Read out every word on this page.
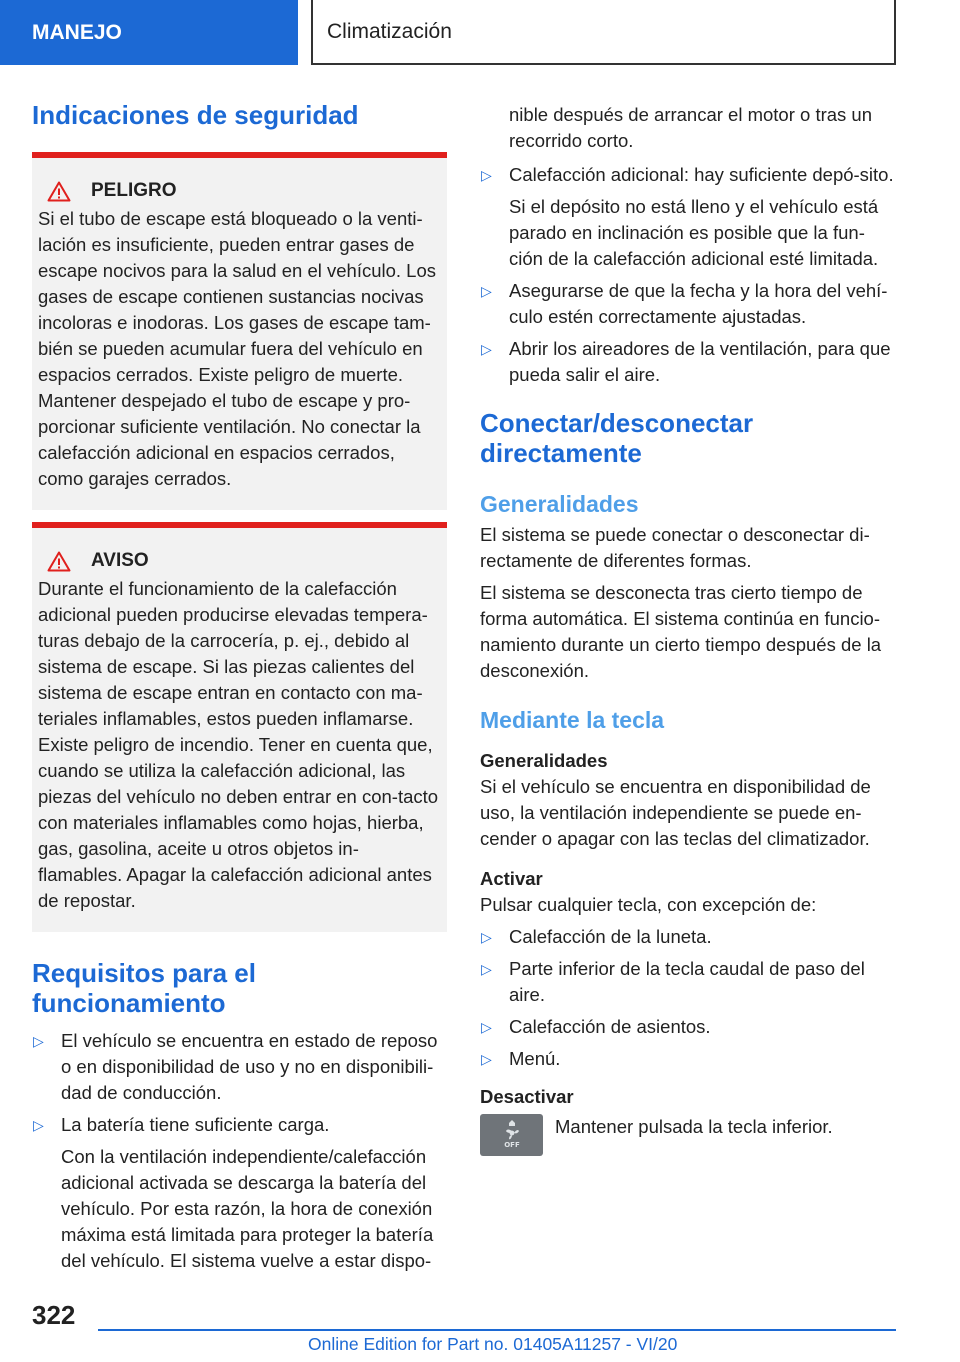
MANEJO	Climatización
Indicaciones de seguridad
PELIGRO

Si el tubo de escape está bloqueado o la venti-lación es insuficiente, pueden entrar gases de escape nocivos para la salud en el vehículo. Los gases de escape contienen sustancias nocivas incoloras e inodoras. Los gases de escape tam-bién se pueden acumular fuera del vehículo en espacios cerrados. Existe peligro de muerte. Mantener despejado el tubo de escape y pro-porcionar suficiente ventilación. No conectar la calefacción adicional en espacios cerrados, como garajes cerrados.

AVISO

Durante el funcionamiento de la calefacción adicional pueden producirse elevadas tempera-turas debajo de la carrocería, p. ej., debido al sistema de escape. Si las piezas calientes del sistema de escape entran en contacto con ma-teriales inflamables, estos pueden inflamarse. Existe peligro de incendio. Tener en cuenta que, cuando se utiliza la calefacción adicional, las piezas del vehículo no deben entrar en con-tacto con materiales inflamables como hojas, hierba, gas, gasolina, aceite u otros objetos in-flamables. Apagar la calefacción adicional antes de repostar.

Requisitos para el funcionamiento
▷ El vehículo se encuentra en estado de reposo o en disponibilidad de uso y no en disponibili-dad de conducción.
▷ La batería tiene suficiente carga.
Con la ventilación independiente/calefacción adicional activada se descarga la batería del vehículo. Por esta razón, la hora de conexión máxima está limitada para proteger la batería del vehículo. El sistema vuelve a estar dispo-

nible después de arrancar el motor o tras un recorrido corto.

▷ Calefacción adicional: hay suficiente depó-sito.
Si el depósito no está lleno y el vehículo está parado en inclinación es posible que la fun-ción de la calefacción adicional esté limitada.
▷ Asegurarse de que la fecha y la hora del vehí-culo estén correctamente ajustadas.
▷ Abrir los aireadores de la ventilación, para que pueda salir el aire.
Conectar/desconectar directamente
Generalidades

El sistema se puede conectar o desconectar di-rectamente de diferentes formas.

El sistema se desconecta tras cierto tiempo de forma automática. El sistema continúa en funcio-namiento durante un cierto tiempo después de la desconexión.

Mediante la tecla
Generalidades

Si el vehículo se encuentra en disponibilidad de uso, la ventilación independiente se puede en-cender o apagar con las teclas del climatizador.

Activar

Pulsar cualquier tecla, con excepción de:

▷ Calefacción de la luneta.
▷ Parte inferior de la tecla caudal de paso del aire.
▷ Calefacción de asientos.
▷ Menú.
Desactivar
OFF
Mantener pulsada la tecla inferior.
322
Online Edition for Part no. 01405A11257 - VI/20
